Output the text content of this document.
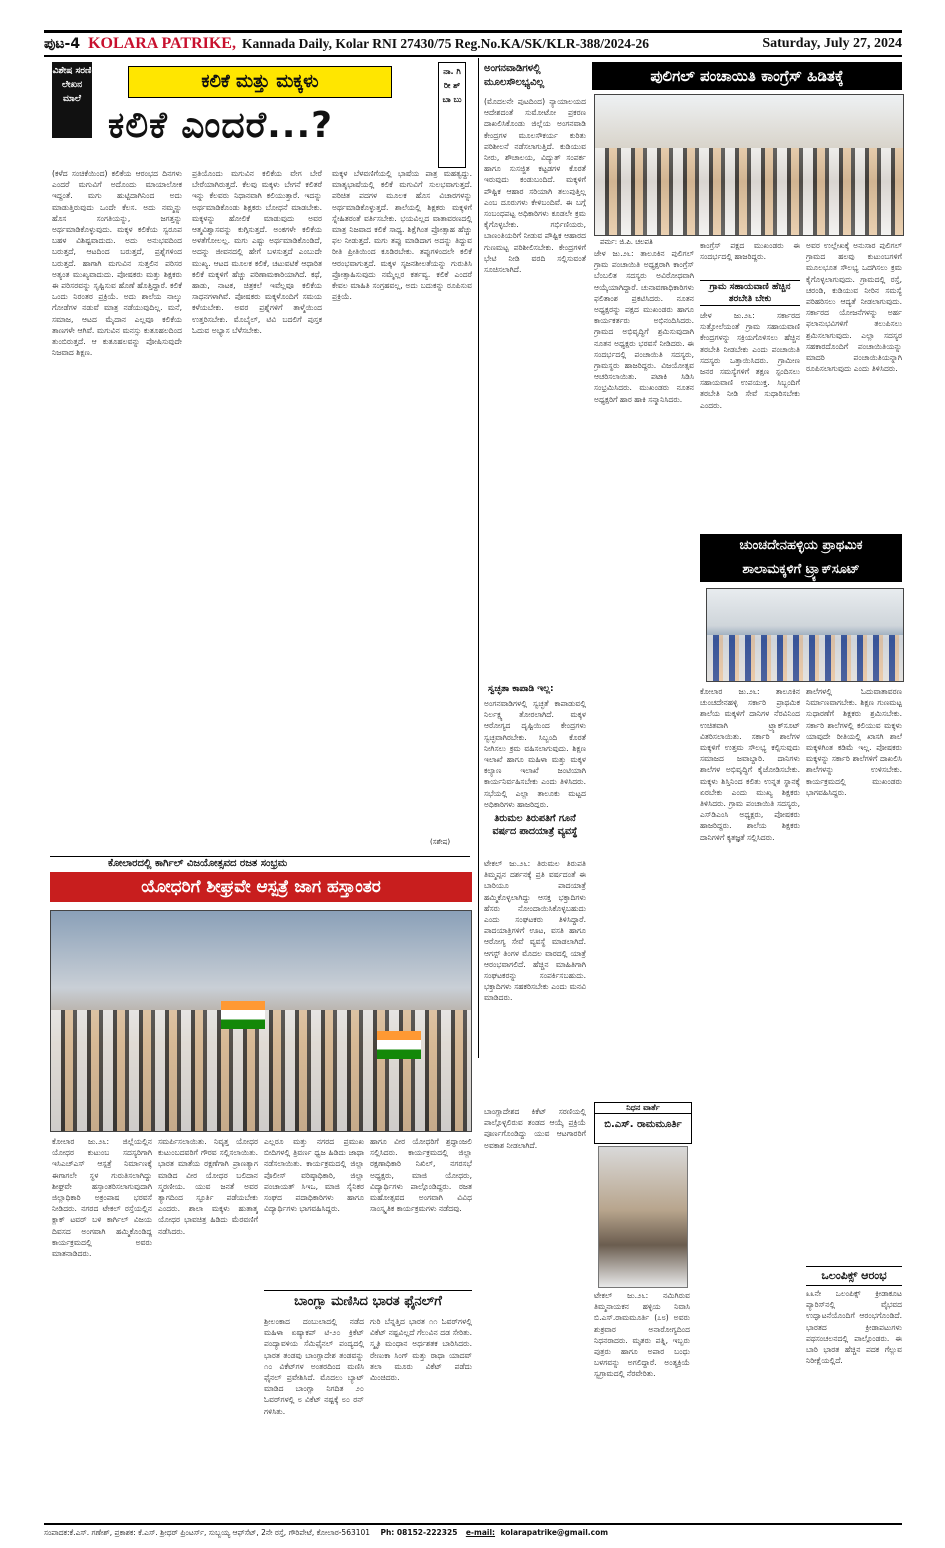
ಪುಟ-4 KOLARA PATRIKE, Kannada Daily, Kolar RNI 27430/75 Reg.No.KA/SK/KLR-388/2024-26	Saturday, July 27, 2024
ವಿಶೇಷ ಸರಣಿ ಲೇಖನ ಮಾಲೆ
ಕಲಿಕೆ ಮತ್ತು ಮಕ್ಕಳು
ಕಲಿಕೆ ಎಂದರೆ...?
ನಾ. ಗಿ ರೀ ಶ್ ಬಾ ಬು
(ಕಳೆದ ಸಂಚಿಕೆಯಿಂದ) ಕಲಿಕೆಯ ಆರಂಭದ ದಿನಗಳು ಎಂದರೆ ಮಗುವಿಗೆ ಅದೊಂದು ಮಾಯಾಲೋಕ ಇದ್ದಂತೆ. ಮಗು ಹುಟ್ಟಿದಾಗಿನಿಂದ ಅದು ಮಾಡುತ್ತಿರುವುದು ಒಂದೇ ಕೆಲಸ. ಅದು ನಮ್ಮನ್ನು ಹೊಸ ಸಂಗತಿಯನ್ನು, ಜಗತ್ತನ್ನು ಅರ್ಥಮಾಡಿಕೊಳ್ಳುವುದು. ಮಕ್ಕಳ ಕಲಿಕೆಯ ಸ್ವರೂಪ ಬಹಳ ವಿಶಿಷ್ಟವಾದುದು. ಅದು ಅನುಭವದಿಂದ ಬರುತ್ತದೆ, ಆಟದಿಂದ ಬರುತ್ತದೆ, ಪ್ರಶ್ನೆಗಳಿಂದ ಬರುತ್ತದೆ. ಹಾಗಾಗಿ ಮಗುವಿನ ಸುತ್ತಲಿನ ಪರಿಸರ ಅತ್ಯಂತ ಮುಖ್ಯವಾದುದು. ಪೋಷಕರು ಮತ್ತು ಶಿಕ್ಷಕರು ಈ ಪರಿಸರವನ್ನು ಸೃಷ್ಟಿಸುವ ಹೊಣೆ ಹೊತ್ತಿದ್ದಾರೆ. ಕಲಿಕೆ ಒಂದು ನಿರಂತರ ಪ್ರಕ್ರಿಯೆ. ಅದು ಶಾಲೆಯ ನಾಲ್ಕು ಗೋಡೆಗಳ ನಡುವೆ ಮಾತ್ರ ನಡೆಯುವುದಿಲ್ಲ. ಮನೆ, ಸಮಾಜ, ಆಟದ ಮೈದಾನ ಎಲ್ಲವೂ ಕಲಿಕೆಯ ತಾಣಗಳೇ ಆಗಿವೆ. ಮಗುವಿನ ಮನಸ್ಸು ಕುತೂಹಲದಿಂದ ತುಂಬಿರುತ್ತದೆ. ಆ ಕುತೂಹಲವನ್ನು ಪೋಷಿಸುವುದೇ ನಿಜವಾದ ಶಿಕ್ಷಣ.
ಪ್ರತಿಯೊಂದು ಮಗುವಿನ ಕಲಿಕೆಯ ವೇಗ ಬೇರೆ ಬೇರೆಯಾಗಿರುತ್ತದೆ. ಕೆಲವು ಮಕ್ಕಳು ಬೇಗನೆ ಕಲಿತರೆ ಇನ್ನು ಕೆಲವರು ನಿಧಾನವಾಗಿ ಕಲಿಯುತ್ತಾರೆ. ಇದನ್ನು ಅರ್ಥಮಾಡಿಕೊಂಡು ಶಿಕ್ಷಕರು ಬೋಧನೆ ಮಾಡಬೇಕು. ಮಕ್ಕಳನ್ನು ಹೋಲಿಕೆ ಮಾಡುವುದು ಅವರ ಆತ್ಮವಿಶ್ವಾಸವನ್ನು ಕುಗ್ಗಿಸುತ್ತದೆ. ಅಂಕಗಳೇ ಕಲಿಕೆಯ ಅಳತೆಗೋಲಲ್ಲ. ಮಗು ಎಷ್ಟು ಅರ್ಥಮಾಡಿಕೊಂಡಿದೆ, ಅದನ್ನು ಜೀವನದಲ್ಲಿ ಹೇಗೆ ಬಳಸುತ್ತದೆ ಎಂಬುದೇ ಮುಖ್ಯ. ಆಟದ ಮೂಲಕ ಕಲಿಕೆ, ಚಟುವಟಿಕೆ ಆಧಾರಿತ ಕಲಿಕೆ ಮಕ್ಕಳಿಗೆ ಹೆಚ್ಚು ಪರಿಣಾಮಕಾರಿಯಾಗಿದೆ. ಕಥೆ, ಹಾಡು, ನಾಟಕ, ಚಿತ್ರಕಲೆ ಇವೆಲ್ಲವೂ ಕಲಿಕೆಯ ಸಾಧನಗಳಾಗಿವೆ. ಪೋಷಕರು ಮಕ್ಕಳೊಂದಿಗೆ ಸಮಯ ಕಳೆಯಬೇಕು. ಅವರ ಪ್ರಶ್ನೆಗಳಿಗೆ ತಾಳ್ಮೆಯಿಂದ ಉತ್ತರಿಸಬೇಕು. ಮೊಬೈಲ್, ಟಿವಿ ಬದಲಿಗೆ ಪುಸ್ತಕ ಓದುವ ಅಭ್ಯಾಸ ಬೆಳೆಸಬೇಕು.
ಮಕ್ಕಳ ಬೆಳವಣಿಗೆಯಲ್ಲಿ ಭಾಷೆಯ ಪಾತ್ರ ಮಹತ್ವದ್ದು. ಮಾತೃಭಾಷೆಯಲ್ಲಿ ಕಲಿಕೆ ಮಗುವಿಗೆ ಸುಲಭವಾಗುತ್ತದೆ. ಪರಿಚಿತ ಪದಗಳ ಮೂಲಕ ಹೊಸ ವಿಚಾರಗಳನ್ನು ಅರ್ಥಮಾಡಿಕೊಳ್ಳುತ್ತದೆ. ಶಾಲೆಯಲ್ಲಿ ಶಿಕ್ಷಕರು ಮಕ್ಕಳಿಗೆ ಸ್ನೇಹಿತರಂತೆ ವರ್ತಿಸಬೇಕು. ಭಯವಿಲ್ಲದ ವಾತಾವರಣದಲ್ಲಿ ಮಾತ್ರ ನಿಜವಾದ ಕಲಿಕೆ ಸಾಧ್ಯ. ಶಿಕ್ಷೆಗಿಂತ ಪ್ರೋತ್ಸಾಹ ಹೆಚ್ಚು ಫಲ ನೀಡುತ್ತದೆ. ಮಗು ತಪ್ಪು ಮಾಡಿದಾಗ ಅದನ್ನು ತಿದ್ದುವ ರೀತಿ ಪ್ರೀತಿಯಿಂದ ಕೂಡಿರಬೇಕು. ತಪ್ಪುಗಳಿಂದಲೇ ಕಲಿಕೆ ಆರಂಭವಾಗುತ್ತದೆ. ಮಕ್ಕಳ ಸೃಜನಶೀಲತೆಯನ್ನು ಗುರುತಿಸಿ ಪ್ರೋತ್ಸಾಹಿಸುವುದು ನಮ್ಮೆಲ್ಲರ ಕರ್ತವ್ಯ. ಕಲಿಕೆ ಎಂದರೆ ಕೇವಲ ಮಾಹಿತಿ ಸಂಗ್ರಹವಲ್ಲ, ಅದು ಬದುಕನ್ನು ರೂಪಿಸುವ ಪ್ರಕ್ರಿಯೆ.
(ಸಶೇಷ)
ಕೋಲಾರದಲ್ಲಿ ಕಾರ್ಗಿಲ್ ವಿಜಯೋತ್ಸವದ ರಜತ ಸಂಭ್ರಮ
ಯೋಧರಿಗೆ ಶೀಘ್ರವೇ ಆಸ್ಪತ್ರೆ ಜಾಗ ಹಸ್ತಾಂತರ
ಕೋಲಾರ ಜು.೨೬: ಜಿಲ್ಲೆಯಲ್ಲಿನ ಯೋಧರ ಕುಟುಂಬ ಸದಸ್ಯರಿಗಾಗಿ ಇಸಿಎಚ್‌ಎಸ್ ಆಸ್ಪತ್ರೆ ನಿರ್ಮಾಣಕ್ಕೆ ಈಗಾಗಲೇ ಸ್ಥಳ ಗುರುತಿಸಲಾಗಿದ್ದು ಶೀಘ್ರವೇ ಹಸ್ತಾಂತರಿಸಲಾಗುವುದಾಗಿ ಜಿಲ್ಲಾಧಿಕಾರಿ ಅಕ್ರಂಪಾಷ ಭರವಸೆ ನೀಡಿದರು. ನಗರದ ಟೇಕಲ್ ರಸ್ತೆಯಲ್ಲಿನ ಕ್ಲಾಕ್ ಟವರ್ ಬಳಿ ಕಾರ್ಗಿಲ್ ವಿಜಯ ದಿವಸದ ಅಂಗವಾಗಿ ಹಮ್ಮಿಕೊಂಡಿದ್ದ ಕಾರ್ಯಕ್ರಮದಲ್ಲಿ ಅವರು ಮಾತನಾಡಿದರು.
ಸಮರ್ಪಿಸಲಾಯಿತು. ನಿವೃತ್ತ ಯೋಧರ ಕುಟುಂಬದವರಿಗೆ ಗೌರವ ಸಲ್ಲಿಸಲಾಯಿತು. ಭಾರತ ಮಾತೆಯ ರಕ್ಷಣೆಗಾಗಿ ಪ್ರಾಣತ್ಯಾಗ ಮಾಡಿದ ವೀರ ಯೋಧರ ಬಲಿದಾನ ಸ್ಮರಣೀಯ. ಯುವ ಜನತೆ ಅವರ ತ್ಯಾಗದಿಂದ ಸ್ಫೂರ್ತಿ ಪಡೆಯಬೇಕು ಎಂದರು. ಶಾಲಾ ಮಕ್ಕಳು ಹುತಾತ್ಮ ಯೋಧರ ಭಾವಚಿತ್ರ ಹಿಡಿದು ಮೆರವಣಿಗೆ ನಡೆಸಿದರು.
ಎಲ್ಲರೂ ಮತ್ತು ನಗರದ ಪ್ರಮುಖ ಬೀದಿಗಳಲ್ಲಿ ತ್ರಿವರ್ಣ ಧ್ವಜ ಹಿಡಿದು ಜಾಥಾ ನಡೆಸಲಾಯಿತು. ಕಾರ್ಯಕ್ರಮದಲ್ಲಿ ಜಿಲ್ಲಾ ಪೊಲೀಸ್ ವರಿಷ್ಠಾಧಿಕಾರಿ, ಜಿಲ್ಲಾ ಪಂಚಾಯತ್ ಸಿಇಒ, ಮಾಜಿ ಸೈನಿಕರ ಸಂಘದ ಪದಾಧಿಕಾರಿಗಳು ಹಾಗೂ ವಿದ್ಯಾರ್ಥಿಗಳು ಭಾಗವಹಿಸಿದ್ದರು.
ಹಾಗೂ ವೀರ ಯೋಧರಿಗೆ ಶ್ರದ್ಧಾಂಜಲಿ ಸಲ್ಲಿಸಿದರು. ಕಾರ್ಯಕ್ರಮದಲ್ಲಿ ಜಿಲ್ಲಾ ರಕ್ಷಣಾಧಿಕಾರಿ ನಿಖಿಲ್, ನಗರಸಭೆ ಅಧ್ಯಕ್ಷರು, ಮಾಜಿ ಯೋಧರು, ವಿದ್ಯಾರ್ಥಿಗಳು ಪಾಲ್ಗೊಂಡಿದ್ದರು. ರಜತ ಮಹೋತ್ಸವದ ಅಂಗವಾಗಿ ವಿವಿಧ ಸಾಂಸ್ಕೃತಿಕ ಕಾರ್ಯಕ್ರಮಗಳು ನಡೆದವು.
ಬಾಂಗ್ಲಾ ಮಣಿಸಿದ ಭಾರತ ಫೈನಲ್‌ಗೆ
ಶ್ರೀಲಂಕಾದ ದಂಬುಲಾದಲ್ಲಿ ನಡೆದ ಮಹಿಳಾ ಏಷ್ಯಾಕಪ್ ಟಿ-೨೦ ಕ್ರಿಕೆಟ್ ಪಂದ್ಯಾವಳಿಯ ಸೆಮಿಫೈನಲ್ ಪಂದ್ಯದಲ್ಲಿ ಭಾರತ ತಂಡವು ಬಾಂಗ್ಲಾದೇಶ ತಂಡವನ್ನು ೧೦ ವಿಕೆಟ್‌ಗಳ ಅಂತರದಿಂದ ಮಣಿಸಿ ಫೈನಲ್ ಪ್ರವೇಶಿಸಿದೆ. ಮೊದಲು ಬ್ಯಾಟ್ ಮಾಡಿದ ಬಾಂಗ್ಲಾ ನಿಗದಿತ ೨೦ ಓವರ್‌ಗಳಲ್ಲಿ ೮ ವಿಕೆಟ್ ನಷ್ಟಕ್ಕೆ ೮೦ ರನ್ ಗಳಿಸಿತು.
ಗುರಿ ಬೆನ್ನತ್ತಿದ ಭಾರತ ೧೧ ಓವರ್‌ಗಳಲ್ಲಿ ವಿಕೆಟ್ ನಷ್ಟವಿಲ್ಲದೆ ಗೆಲುವಿನ ದಡ ಸೇರಿತು. ಸ್ಮೃತಿ ಮಂಧಾನ ಅರ್ಧಶತಕ ಬಾರಿಸಿದರು. ರೇಣುಕಾ ಸಿಂಗ್ ಮತ್ತು ರಾಧಾ ಯಾದವ್ ತಲಾ ಮೂರು ವಿಕೆಟ್ ಪಡೆದು ಮಿಂಚಿದರು.
ಅಂಗನವಾಡಿಗಳಲ್ಲಿ ಮೂಲಸೌಲಭ್ಯವಿಲ್ಲ
(ಮೊದಲನೇ ಪುಟದಿಂದ) ನ್ಯಾಯಾಲಯದ ಆದೇಶದಂತೆ ಸುಮೋಟೋ ಪ್ರಕರಣ ದಾಖಲಿಸಿಕೊಂಡು ಜಿಲ್ಲೆಯ ಅಂಗನವಾಡಿ ಕೇಂದ್ರಗಳ ಮೂಲಸೌಕರ್ಯ ಕುರಿತು ಪರಿಶೀಲನೆ ನಡೆಸಲಾಗುತ್ತಿದೆ. ಕುಡಿಯುವ ನೀರು, ಶೌಚಾಲಯ, ವಿದ್ಯುತ್ ಸಂಪರ್ಕ ಹಾಗೂ ಸುಸಜ್ಜಿತ ಕಟ್ಟಡಗಳ ಕೊರತೆ ಇರುವುದು ಕಂಡುಬಂದಿದೆ. ಮಕ್ಕಳಿಗೆ ಪೌಷ್ಟಿಕ ಆಹಾರ ಸರಿಯಾಗಿ ತಲುಪುತ್ತಿಲ್ಲ ಎಂಬ ದೂರುಗಳು ಕೇಳಿಬಂದಿವೆ. ಈ ಬಗ್ಗೆ ಸಂಬಂಧಪಟ್ಟ ಅಧಿಕಾರಿಗಳು ಕೂಡಲೇ ಕ್ರಮ ಕೈಗೊಳ್ಳಬೇಕು. ಗರ್ಭಿಣಿಯರು, ಬಾಣಂತಿಯರಿಗೆ ನೀಡುವ ಪೌಷ್ಟಿಕ ಆಹಾರದ ಗುಣಮಟ್ಟ ಪರಿಶೀಲಿಸಬೇಕು. ಕೇಂದ್ರಗಳಿಗೆ ಭೇಟಿ ನೀಡಿ ವರದಿ ಸಲ್ಲಿಸುವಂತೆ ಸೂಚಿಸಲಾಗಿದೆ.
ಸ್ವಚ್ಛತಾ ಕಾಪಾಡಿ ಇಲ್ಲ:
ಅಂಗನವಾಡಿಗಳಲ್ಲಿ ಸ್ವಚ್ಛತೆ ಕಾಪಾಡುವಲ್ಲಿ ನಿರ್ಲಕ್ಷ್ಯ ತೋರಲಾಗಿದೆ. ಮಕ್ಕಳ ಆರೋಗ್ಯದ ದೃಷ್ಟಿಯಿಂದ ಕೇಂದ್ರಗಳು ಸ್ವಚ್ಛವಾಗಿರಬೇಕು. ಸಿಬ್ಬಂದಿ ಕೊರತೆ ನೀಗಿಸಲು ಕ್ರಮ ವಹಿಸಲಾಗುವುದು. ಶಿಕ್ಷಣ ಇಲಾಖೆ ಹಾಗೂ ಮಹಿಳಾ ಮತ್ತು ಮಕ್ಕಳ ಕಲ್ಯಾಣ ಇಲಾಖೆ ಜಂಟಿಯಾಗಿ ಕಾರ್ಯನಿರ್ವಹಿಸಬೇಕು ಎಂದು ತಿಳಿಸಿದರು. ಸಭೆಯಲ್ಲಿ ಎಲ್ಲಾ ತಾಲೂಕು ಮಟ್ಟದ ಅಧಿಕಾರಿಗಳು ಹಾಜರಿದ್ದರು.
ತಿರುಮಲ ತಿರುಪತಿಗೆ ಗೂನೆ ವರ್ಷದ ಪಾದಯಾತ್ರೆ ವ್ಯವಸ್ಥೆ
ಟೇಕಲ್ ಜು.೨೬: ತಿರುಮಲ ತಿರುಪತಿ ತಿಮ್ಮಪ್ಪನ ದರ್ಶನಕ್ಕೆ ಪ್ರತಿ ವರ್ಷದಂತೆ ಈ ಬಾರಿಯೂ ಪಾದಯಾತ್ರೆ ಹಮ್ಮಿಕೊಳ್ಳಲಾಗಿದ್ದು ಆಸಕ್ತ ಭಕ್ತಾದಿಗಳು ಹೆಸರು ನೋಂದಾಯಿಸಿಕೊಳ್ಳಬಹುದು ಎಂದು ಸಂಘಟಕರು ತಿಳಿಸಿದ್ದಾರೆ. ಪಾದಯಾತ್ರಿಗಳಿಗೆ ಊಟ, ವಸತಿ ಹಾಗೂ ಆರೋಗ್ಯ ಸೇವೆ ವ್ಯವಸ್ಥೆ ಮಾಡಲಾಗಿದೆ. ಆಗಸ್ಟ್ ತಿಂಗಳ ಮೊದಲ ವಾರದಲ್ಲಿ ಯಾತ್ರೆ ಆರಂಭವಾಗಲಿದೆ. ಹೆಚ್ಚಿನ ಮಾಹಿತಿಗಾಗಿ ಸಂಘಟಕರನ್ನು ಸಂಪರ್ಕಿಸಬಹುದು. ಭಕ್ತಾದಿಗಳು ಸಹಕರಿಸಬೇಕು ಎಂದು ಮನವಿ ಮಾಡಿದರು.
ಬಾಂಗ್ಲಾದೇಶದ ಕಿಕೆಟ್ ಸರಣಿಯಲ್ಲಿ ಪಾಲ್ಗೊಳ್ಳಲಿರುವ ತಂಡದ ಆಯ್ಕೆ ಪ್ರಕ್ರಿಯೆ ಪೂರ್ಣಗೊಂಡಿದ್ದು ಯುವ ಆಟಗಾರರಿಗೆ ಅವಕಾಶ ನೀಡಲಾಗಿದೆ.
ನಿಧನ ವಾರ್ತೆ
ಬಿ.ಎಸ್. ರಾಮಮೂರ್ತಿ
ಟೇಕಲ್ ಜು.೨೬: ನಮಿಗಿರುವ ತಿಮ್ಮನಾಯಕನ ಹಳ್ಳಿಯ ನಿವಾಸಿ ಬಿ.ಎಸ್.ರಾಮಮೂರ್ತಿ (೭೮) ಅವರು ಶುಕ್ರವಾರ ಅನಾರೋಗ್ಯದಿಂದ ನಿಧನರಾದರು. ಮೃತರು ಪತ್ನಿ, ಇಬ್ಬರು ಪುತ್ರರು ಹಾಗೂ ಅಪಾರ ಬಂಧು ಬಳಗವನ್ನು ಅಗಲಿದ್ದಾರೆ. ಅಂತ್ಯಕ್ರಿಯೆ ಸ್ವಗ್ರಾಮದಲ್ಲಿ ನೆರವೇರಿತು.
ಪುಲಿಗಲ್ ಪಂಚಾಯಿತಿ ಕಾಂಗ್ರೆಸ್ ಹಿಡಿತಕ್ಕೆ
ಪರ್ಮ: ಜಿ.ಪಿ. ಚಲಪತಿ
ಜೇಳ ಜು.೨೬: ತಾಲೂಕಿನ ಪುಲಿಗಲ್ ಗ್ರಾಮ ಪಂಚಾಯಿತಿ ಅಧ್ಯಕ್ಷರಾಗಿ ಕಾಂಗ್ರೆಸ್ ಬೆಂಬಲಿತ ಸದಸ್ಯರು ಅವಿರೋಧವಾಗಿ ಆಯ್ಕೆಯಾಗಿದ್ದಾರೆ. ಚುನಾವಣಾಧಿಕಾರಿಗಳು ಫಲಿತಾಂಶ ಪ್ರಕಟಿಸಿದರು. ನೂತನ ಅಧ್ಯಕ್ಷರನ್ನು ಪಕ್ಷದ ಮುಖಂಡರು ಹಾಗೂ ಕಾರ್ಯಕರ್ತರು ಅಭಿನಂದಿಸಿದರು. ಗ್ರಾಮದ ಅಭಿವೃದ್ಧಿಗೆ ಶ್ರಮಿಸುವುದಾಗಿ ನೂತನ ಅಧ್ಯಕ್ಷರು ಭರವಸೆ ನೀಡಿದರು. ಈ ಸಂದರ್ಭದಲ್ಲಿ ಪಂಚಾಯಿತಿ ಸದಸ್ಯರು, ಗ್ರಾಮಸ್ಥರು ಹಾಜರಿದ್ದರು. ವಿಜಯೋತ್ಸವ ಆಚರಿಸಲಾಯಿತು. ಪಟಾಕಿ ಸಿಡಿಸಿ ಸಂಭ್ರಮಿಸಿದರು. ಮುಖಂಡರು ನೂತನ ಅಧ್ಯಕ್ಷರಿಗೆ ಹಾರ ಹಾಕಿ ಸನ್ಮಾನಿಸಿದರು.
ಕಾಂಗ್ರೆಸ್ ಪಕ್ಷದ ಮುಖಂಡರು ಈ ಸಂದರ್ಭದಲ್ಲಿ ಹಾಜರಿದ್ದರು.
ಗ್ರಾಮ ಸಹಾಯವಾಣಿ ಹೆಚ್ಚಿನ ತರಬೇತಿ ಬೇಕು
ಜೇಳ ಜು.೨೬: ಸರ್ಕಾರದ ಸುತ್ತೋಲೆಯಂತೆ ಗ್ರಾಮ ಸಹಾಯವಾಣಿ ಕೇಂದ್ರಗಳನ್ನು ಸಕ್ರಿಯಗೊಳಿಸಲು ಹೆಚ್ಚಿನ ತರಬೇತಿ ನೀಡಬೇಕು ಎಂದು ಪಂಚಾಯಿತಿ ಸದಸ್ಯರು ಒತ್ತಾಯಿಸಿದರು. ಗ್ರಾಮೀಣ ಜನರ ಸಮಸ್ಯೆಗಳಿಗೆ ತಕ್ಷಣ ಸ್ಪಂದಿಸಲು ಸಹಾಯವಾಣಿ ಉಪಯುಕ್ತ. ಸಿಬ್ಬಂದಿಗೆ ತರಬೇತಿ ನೀಡಿ ಸೇವೆ ಸುಧಾರಿಸಬೇಕು ಎಂದರು.
ಅವರ ಉಲ್ಲೇಖಕ್ಕೆ ಅನುಸಾರ ಪುಲಿಗಲ್ ಗ್ರಾಮದ ಹಲವು ಕುಟುಂಬಗಳಿಗೆ ಮೂಲಭೂತ ಸೌಲಭ್ಯ ಒದಗಿಸಲು ಕ್ರಮ ಕೈಗೊಳ್ಳಲಾಗುವುದು. ಗ್ರಾಮದಲ್ಲಿ ರಸ್ತೆ, ಚರಂಡಿ, ಕುಡಿಯುವ ನೀರಿನ ಸಮಸ್ಯೆ ಪರಿಹರಿಸಲು ಆದ್ಯತೆ ನೀಡಲಾಗುವುದು. ಸರ್ಕಾರದ ಯೋಜನೆಗಳನ್ನು ಅರ್ಹ ಫಲಾನುಭವಿಗಳಿಗೆ ತಲುಪಿಸಲು ಶ್ರಮಿಸಲಾಗುವುದು. ಎಲ್ಲಾ ಸದಸ್ಯರ ಸಹಕಾರದೊಂದಿಗೆ ಪಂಚಾಯಿತಿಯನ್ನು ಮಾದರಿ ಪಂಚಾಯಿತಿಯನ್ನಾಗಿ ರೂಪಿಸಲಾಗುವುದು ಎಂದು ತಿಳಿಸಿದರು.
ಚುಂಚದೇನಹಳ್ಳಿಯ ಪ್ರಾಥಮಿಕ
ಶಾಲಾಮಕ್ಕಳಿಗೆ ಟ್ರ್ಯಾಕ್‌ಸೂಟ್
ಕೋಲಾರ ಜು.೨೬: ತಾಲೂಕಿನ ಚುಂಚದೇನಹಳ್ಳಿ ಸರ್ಕಾರಿ ಪ್ರಾಥಮಿಕ ಶಾಲೆಯ ಮಕ್ಕಳಿಗೆ ದಾನಿಗಳ ನೆರವಿನಿಂದ ಉಚಿತವಾಗಿ ಟ್ರ್ಯಾಕ್‌ಸೂಟ್ ವಿತರಿಸಲಾಯಿತು. ಸರ್ಕಾರಿ ಶಾಲೆಗಳ ಮಕ್ಕಳಿಗೆ ಉತ್ತಮ ಸೌಲಭ್ಯ ಕಲ್ಪಿಸುವುದು ಸಮಾಜದ ಜವಾಬ್ದಾರಿ. ದಾನಿಗಳು ಶಾಲೆಗಳ ಅಭಿವೃದ್ಧಿಗೆ ಕೈಜೋಡಿಸಬೇಕು. ಮಕ್ಕಳು ಶಿಸ್ತಿನಿಂದ ಕಲಿತು ಉನ್ನತ ಸ್ಥಾನಕ್ಕೆ ಏರಬೇಕು ಎಂದು ಮುಖ್ಯ ಶಿಕ್ಷಕರು ತಿಳಿಸಿದರು. ಗ್ರಾಮ ಪಂಚಾಯಿತಿ ಸದಸ್ಯರು, ಎಸ್‌ಡಿಎಂಸಿ ಅಧ್ಯಕ್ಷರು, ಪೋಷಕರು ಹಾಜರಿದ್ದರು. ಶಾಲೆಯ ಶಿಕ್ಷಕರು ದಾನಿಗಳಿಗೆ ಕೃತಜ್ಞತೆ ಸಲ್ಲಿಸಿದರು.
ಶಾಲೆಗಳಲ್ಲಿ ಓದುವಾತಾವರಣ ನಿರ್ಮಾಣವಾಗಬೇಕು. ಶಿಕ್ಷಣ ಗುಣಮಟ್ಟ ಸುಧಾರಣೆಗೆ ಶಿಕ್ಷಕರು ಶ್ರಮಿಸಬೇಕು. ಸರ್ಕಾರಿ ಶಾಲೆಗಳಲ್ಲಿ ಕಲಿಯುವ ಮಕ್ಕಳು ಯಾವುದೇ ರೀತಿಯಲ್ಲಿ ಖಾಸಗಿ ಶಾಲೆ ಮಕ್ಕಳಿಗಿಂತ ಕಡಿಮೆ ಇಲ್ಲ. ಪೋಷಕರು ಮಕ್ಕಳನ್ನು ಸರ್ಕಾರಿ ಶಾಲೆಗಳಿಗೆ ದಾಖಲಿಸಿ ಶಾಲೆಗಳನ್ನು ಉಳಿಸಬೇಕು. ಕಾರ್ಯಕ್ರಮದಲ್ಲಿ ಮುಖಂಡರು ಭಾಗವಹಿಸಿದ್ದರು.
ಒಲಂಪಿಕ್ಸ್ ಆರಂಭ
೩೩ನೇ ಒಲಂಪಿಕ್ಸ್ ಕ್ರೀಡಾಕೂಟ ಪ್ಯಾರಿಸ್‌ನಲ್ಲಿ ವೈಭವದ ಉದ್ಘಾಟನೆಯೊಂದಿಗೆ ಆರಂಭಗೊಂಡಿದೆ. ಭಾರತದ ಕ್ರೀಡಾಪಟುಗಳು ಪಥಸಂಚಲನದಲ್ಲಿ ಪಾಲ್ಗೊಂಡರು. ಈ ಬಾರಿ ಭಾರತ ಹೆಚ್ಚಿನ ಪದಕ ಗೆಲ್ಲುವ ನಿರೀಕ್ಷೆಯಲ್ಲಿದೆ.
ಸಂಪಾದಕ:ಕೆ.ಎಸ್. ಗಣೇಶ್, ಪ್ರಕಾಶಕ: ಕೆ.ಎಸ್. ಶ್ರೀಧರ್ ಪ್ರಿಂಟರ್ಸ್, ಸುಬ್ಬಯ್ಯ ಆಫ್‌ಸೆಟ್, 2ನೇ ರಸ್ತೆ, ಗೌರಿಪೇಟೆ, ಕೋಲಾರ-563101 Ph: 08152-222325 e-mail: kolarapatrike@gmail.com
